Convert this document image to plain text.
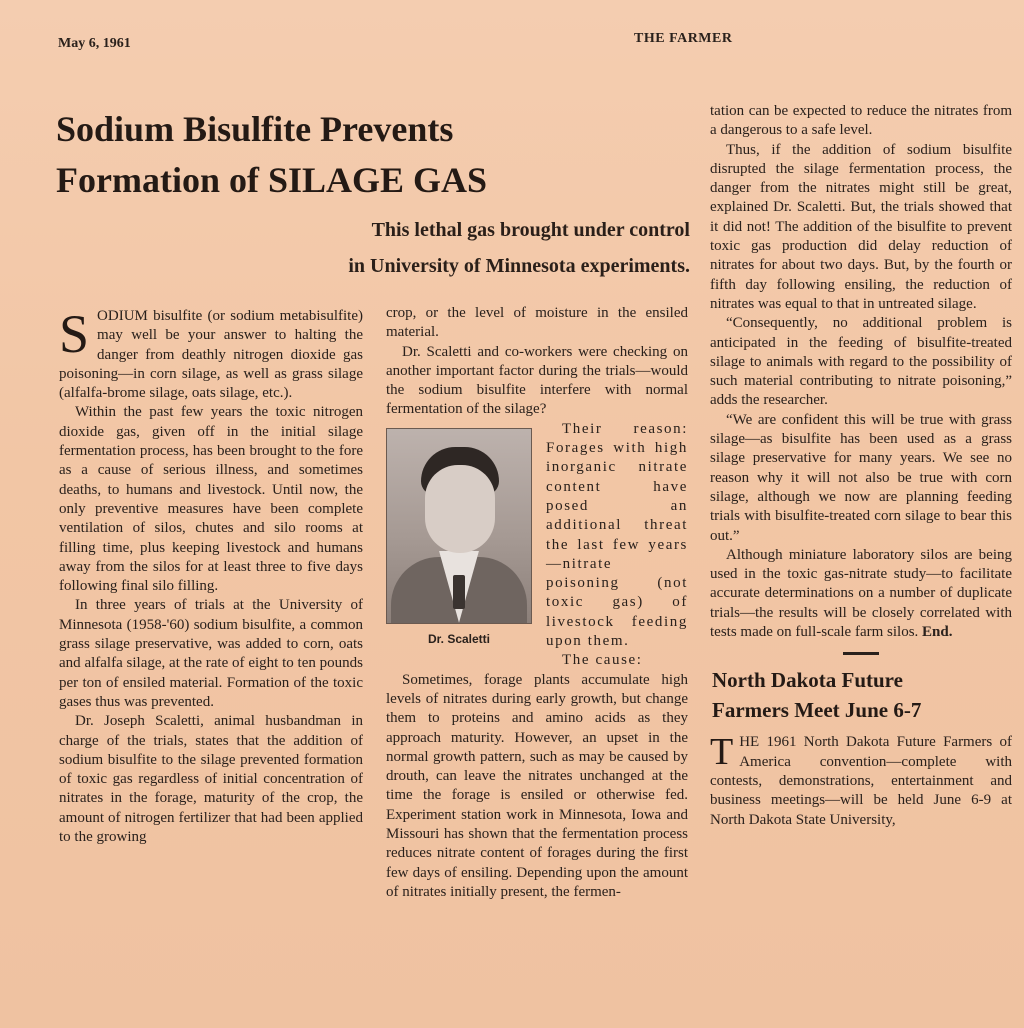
May 6, 1961	THE FARMER
Sodium Bisulfite Prevents
Formation of SILAGE GAS
This lethal gas brought under control
in University of Minnesota experiments.

SODIUM bisulfite (or sodium metabisulfite) may well be your answer to halting the danger from deathly nitrogen dioxide gas poisoning—in corn silage, as well as grass silage (alfalfa-brome silage, oats silage, etc.).

Within the past few years the toxic nitrogen dioxide gas, given off in the initial silage fermentation process, has been brought to the fore as a cause of serious illness, and sometimes deaths, to humans and livestock. Until now, the only preventive measures have been complete ventilation of silos, chutes and silo rooms at filling time, plus keeping livestock and humans away from the silos for at least three to five days following final silo filling.

In three years of trials at the University of Minnesota (1958-'60) sodium bisulfite, a common grass silage preservative, was added to corn, oats and alfalfa silage, at the rate of eight to ten pounds per ton of ensiled material. Formation of the toxic gases thus was prevented.

Dr. Joseph Scaletti, animal husbandman in charge of the trials, states that the addition of sodium bisulfite to the silage prevented formation of toxic gas regardless of initial concentration of nitrates in the forage, maturity of the crop, the amount of nitrogen fertilizer that had been applied to the growing

crop, or the level of moisture in the ensiled material.

Dr. Scaletti and co-workers were checking on another important factor during the trials—would the sodium bisulfite interfere with normal fermentation of the silage?

Dr. Scaletti

Their reason: Forages with high inorganic nitrate content have posed an additional threat the last few years—nitrate poisoning (not toxic gas) of livestock feeding upon them.

The cause:

Sometimes, forage plants accumulate high levels of nitrates during early growth, but change them to proteins and amino acids as they approach maturity. However, an upset in the normal growth pattern, such as may be caused by drouth, can leave the nitrates unchanged at the time the forage is ensiled or otherwise fed. Experiment station work in Minnesota, Iowa and Missouri has shown that the fermentation process reduces nitrate content of forages during the first few days of ensiling. Depending upon the amount of nitrates initially present, the fermen-

tation can be expected to reduce the nitrates from a dangerous to a safe level.

Thus, if the addition of sodium bisulfite disrupted the silage fermentation process, the danger from the nitrates might still be great, explained Dr. Scaletti. But, the trials showed that it did not! The addition of the bisulfite to prevent toxic gas production did delay reduction of nitrates for about two days. But, by the fourth or fifth day following ensiling, the reduction of nitrates was equal to that in untreated silage.

“Consequently, no additional problem is anticipated in the feeding of bisulfite-treated silage to animals with regard to the possibility of such material contributing to nitrate poisoning,” adds the researcher.

“We are confident this will be true with grass silage—as bisulfite has been used as a grass silage preservative for many years. We see no reason why it will not also be true with corn silage, although we now are planning feeding trials with bisulfite-treated corn silage to bear this out.”

Although miniature laboratory silos are being used in the toxic gas-nitrate study—to facilitate accurate determinations on a number of duplicate trials—the results will be closely correlated with tests made on full-scale farm silos. End.

North Dakota Future
Farmers Meet June 6-7

THE 1961 North Dakota Future Farmers of America convention—complete with contests, demonstrations, entertainment and business meetings—will be held June 6-9 at North Dakota State University,
